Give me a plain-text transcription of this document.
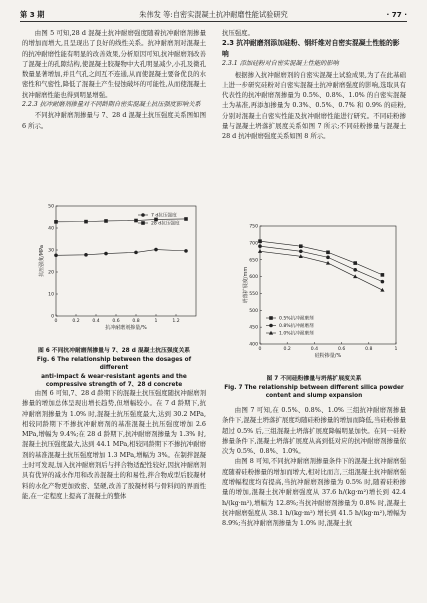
第 3 期	朱伟发 等:自密实混凝土抗冲耐磨性能试验研究	· 77 ·

由图 5 可知,28 d 混凝土抗冲耐磨强度随着抗冲耐磨剂掺量的增加而增大,且呈现出了良好的线性关系。抗冲耐磨剂对混凝土的抗冲耐磨性能有明显的改善效果,分析原因可知,抗冲耐磨剂改善了混凝土的孔隙结构,使混凝土胶凝物中大孔明显减少,小孔及微孔数量显著增加,并且气孔之间互不连通,从而使混凝土要备优良的水密性和气密性,降低了混凝土产生侵蚀破坏的可能性,从而使混凝土抗冲耐磨性能也得到明显增强。

2.2.3 抗冲耐磨剂掺量对不同龄期自密实混凝土抗压强度影响关系

不同抗冲耐磨剂掺量与 7、28 d 混凝土抗压强度关系图如图 6 所示。

0
10
20
30
40
50
0	0.2	0.4	0.6	0.8	1	1.2
抗冲耐磨剂掺量/%
抗压强度/MPa
7 d抗压强度
28 d抗压强度

图 6 不同抗冲耐磨剂掺量与 7、28 d 混凝土抗压强度关系

Fig. 6 The relationship between the dosages of different

anti-impact & wear-resistant agents and the

compressive strength of 7、28 d concrete

由图 6 可知,7、28 d 龄期下的混凝土抗压强度随抗冲耐磨剂掺量的增加总体呈现出增长趋势,但增幅较小。在 7 d 龄期下,抗冲耐磨剂掺量为 1.0% 时,混凝土抗压强度最大,达到 30.2 MPa,相较同龄期下不掺抗冲耐磨剂的基准混凝土抗压强度增加 2.6 MPa,增幅为 9.4%;在 28 d 龄期下,抗冲耐磨剂掺量为 1.3% 时,混凝土抗压强度最大,达到 44.1 MPa,相较同龄期下不掺抗冲耐磨剂的基准混凝土抗压强度增加 1.3 MPa,增幅为 3%。在制拌混凝土时可发现,加入抗冲耐磨剂后与拌合物适配性较好,因抗冲耐磨剂具有优异的减水作用和改善混凝土的和易性,拌合物成型后胶凝材料的水化产物更加致密、坚硬,改善了胶凝材料与骨料间的界面性能,在一定程度上提高了混凝土的整体

抗压强度。

2.3 抗冲耐磨剂添加硅粉、钢纤维对自密实混凝土性能的影响

2.3.1 添加硅粉对自密实混凝土性能的影响

根据掺入抗冲耐磨剂的自密实混凝土试验成果,为了在此基础上进一步研究硅粉对自密实混凝土抗冲耐磨强度的影响,选取具有代表性的抗冲耐磨剂掺量为 0.5%、0.8%、1.0% 的自密实混凝土为基准,再添加掺量为 0.3%、0.5%、0.7% 和 0.9% 的硅粉,分别对混凝土自密实性能及抗冲耐磨性能进行研究。不同硅粉掺量与混凝土坍落扩展度关系如图 7 所示;不同硅粉掺量与混凝土 28 d 抗冲耐磨强度关系如图 8 所示。

400
450
500
550
600
650
700
750
0	0.2	0.4	0.6	0.8	1
硅粉掺量/%
坍落扩展度/mm
0.5%抗冲耐磨剂
0.8%抗冲耐磨剂
1.0%抗冲耐磨剂

图 7 不同硅粉掺量与坍落扩展度关系

Fig. 7 The relationship between different silica powder

content and slump expansion

由图 7 可知,在 0.5%、0.8%、1.0% 三组抗冲耐磨剂掺量条件下,混凝土坍落扩展度均随硅粉掺量的增加而降低,当硅粉掺量超过 0.5% 后,三组混凝土坍落扩展度降幅明显加快。在同一硅粉掺量条件下,混凝土坍落扩展度从高到低对应的抗冲耐磨剂掺量依次为 0.5%、0.8%、1.0%。

由图 8 可知,不同抗冲耐磨剂掺量条件下的混凝土抗冲耐磨强度随着硅粉掺量的增加而增大,相对比而言,三组混凝土抗冲耐磨强度增幅程度均有提高,当抗冲耐磨剂掺量为 0.5% 时,随着硅粉掺量的增加,混凝土抗冲耐磨强度从 37.6 h/(kg·m²)增长到 42.4 h/(kg·m²),增幅为 12.8%;当抗冲耐磨剂掺量为 0.8% 时,混凝土抗冲耐磨强度从 38.1 h/(kg·m²) 增长到 41.5 h/(kg·m²),增幅为 8.9%;当抗冲耐磨剂掺量为 1.0% 时,混凝土抗
